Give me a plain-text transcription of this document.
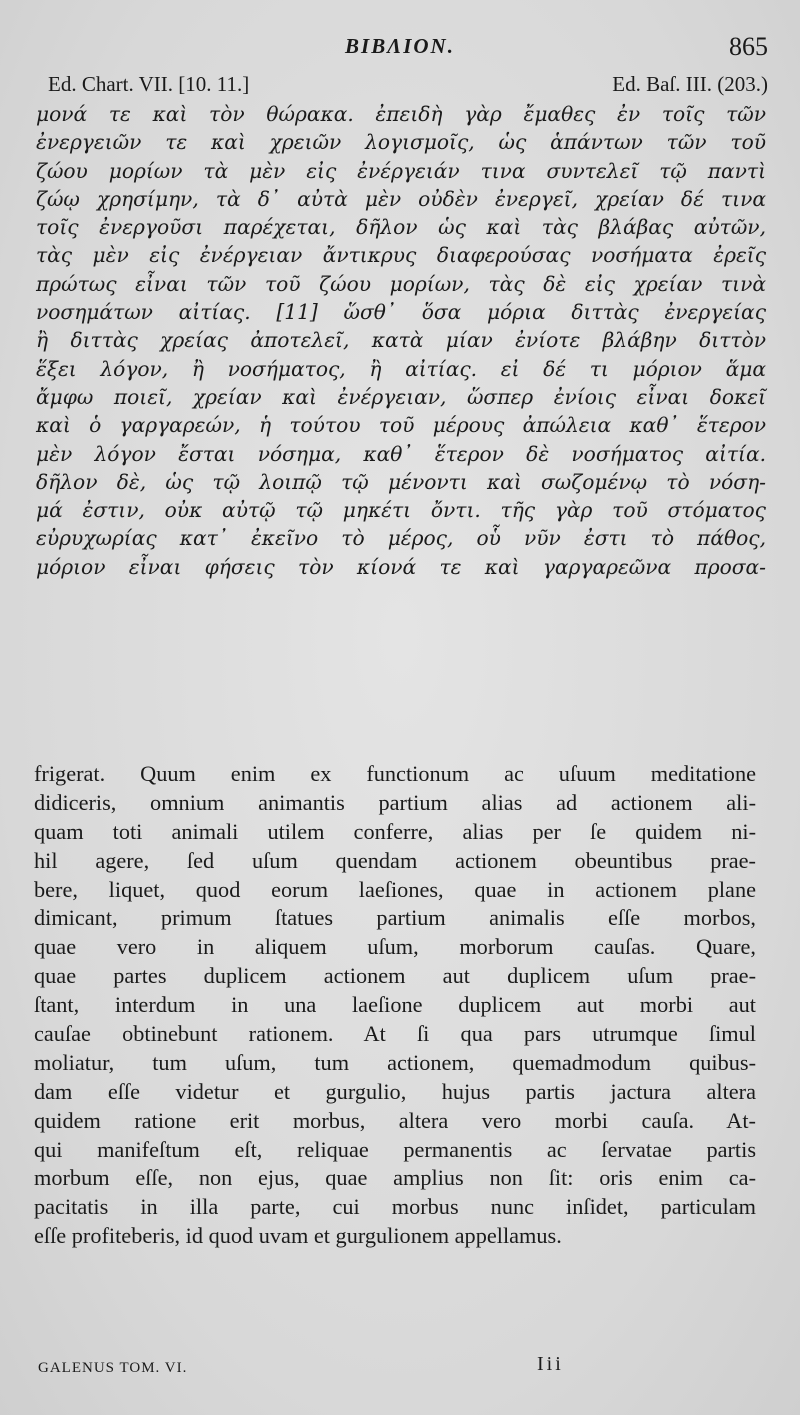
BIBΛΙΟΝ.	865
Ed. Chart. VII. [10. 11.]	Ed. Baſ. III. (203.)
μονά τε καὶ τὸν θώρακα. ἐπειδὴ γὰρ ἔμαθες ἐν τοῖς τῶν
ἐνεργειῶν τε καὶ χρειῶν λογισμοῖς, ὡς ἁπάντων τῶν τοῦ
ζώου μορίων τὰ μὲν εἰς ἐνέργειάν τινα συντελεῖ τῷ παντὶ
ζώῳ χρησίμην, τὰ δ᾽ αὐτὰ μὲν οὐδὲν ἐνεργεῖ, χρείαν δέ τινα
τοῖς ἐνεργοῦσι παρέχεται, δῆλον ὡς καὶ τὰς βλάβας αὐτῶν,
τὰς μὲν εἰς ἐνέργειαν ἄντικρυς διαφερούσας νοσήματα ἐρεῖς
πρώτως εἶναι τῶν τοῦ ζώου μορίων, τὰς δὲ εἰς χρείαν τινὰ
νοσημάτων αἰτίας. [11] ὥσθ᾽ ὅσα μόρια διττὰς ἐνεργείας
ἢ διττὰς χρείας ἀποτελεῖ, κατὰ μίαν ἐνίοτε βλάβην διττὸν
ἕξει λόγον, ἢ νοσήματος, ἢ αἰτίας. εἰ δέ τι μόριον ἅμα
ἄμφω ποιεῖ, χρείαν καὶ ἐνέργειαν, ὥσπερ ἐνίοις εἶναι δοκεῖ
καὶ ὁ γαργαρεών, ἡ τούτου τοῦ μέρους ἀπώλεια καθ᾽ ἕτερον
μὲν λόγον ἔσται νόσημα, καθ᾽ ἕτερον δὲ νοσήματος αἰτία.
δῆλον δὲ, ὡς τῷ λοιπῷ τῷ μένοντι καὶ σωζομένῳ τὸ νόση-
μά ἐστιν, οὐκ αὐτῷ τῷ μηκέτι ὄντι. τῆς γὰρ τοῦ στόματος
εὐρυχωρίας κατ᾽ ἐκεῖνο τὸ μέρος, οὗ νῦν ἐστι τὸ πάθος,
μόριον εἶναι φήσεις τὸν κίονά τε καὶ γαργαρεῶνα προσα-
frigerat. Quum enim ex functionum ac uſuum meditatione
didiceris, omnium animantis partium alias ad actionem ali-
quam toti animali utilem conferre, alias per ſe quidem ni-
hil agere, ſed uſum quendam actionem obeuntibus prae-
bere, liquet, quod eorum laeſiones, quae in actionem plane
dimicant, primum ſtatues partium animalis eſſe morbos,
quae vero in aliquem uſum, morborum cauſas. Quare,
quae partes duplicem actionem aut duplicem uſum prae-
ſtant, interdum in una laeſione duplicem aut morbi aut
cauſae obtinebunt rationem. At ſi qua pars utrumque ſimul
moliatur, tum uſum, tum actionem, quemadmodum quibus-
dam eſſe videtur et gurgulio, hujus partis jactura altera
quidem ratione erit morbus, altera vero morbi cauſa. At-
qui manifeſtum eſt, reliquae permanentis ac ſervatae partis
morbum eſſe, non ejus, quae amplius non ſit: oris enim ca-
pacitatis in illa parte, cui morbus nunc inſidet, particulam
eſſe profiteberis, id quod uvam et gurgulionem appellamus.
GALENUS TOM. VI.	Iii
